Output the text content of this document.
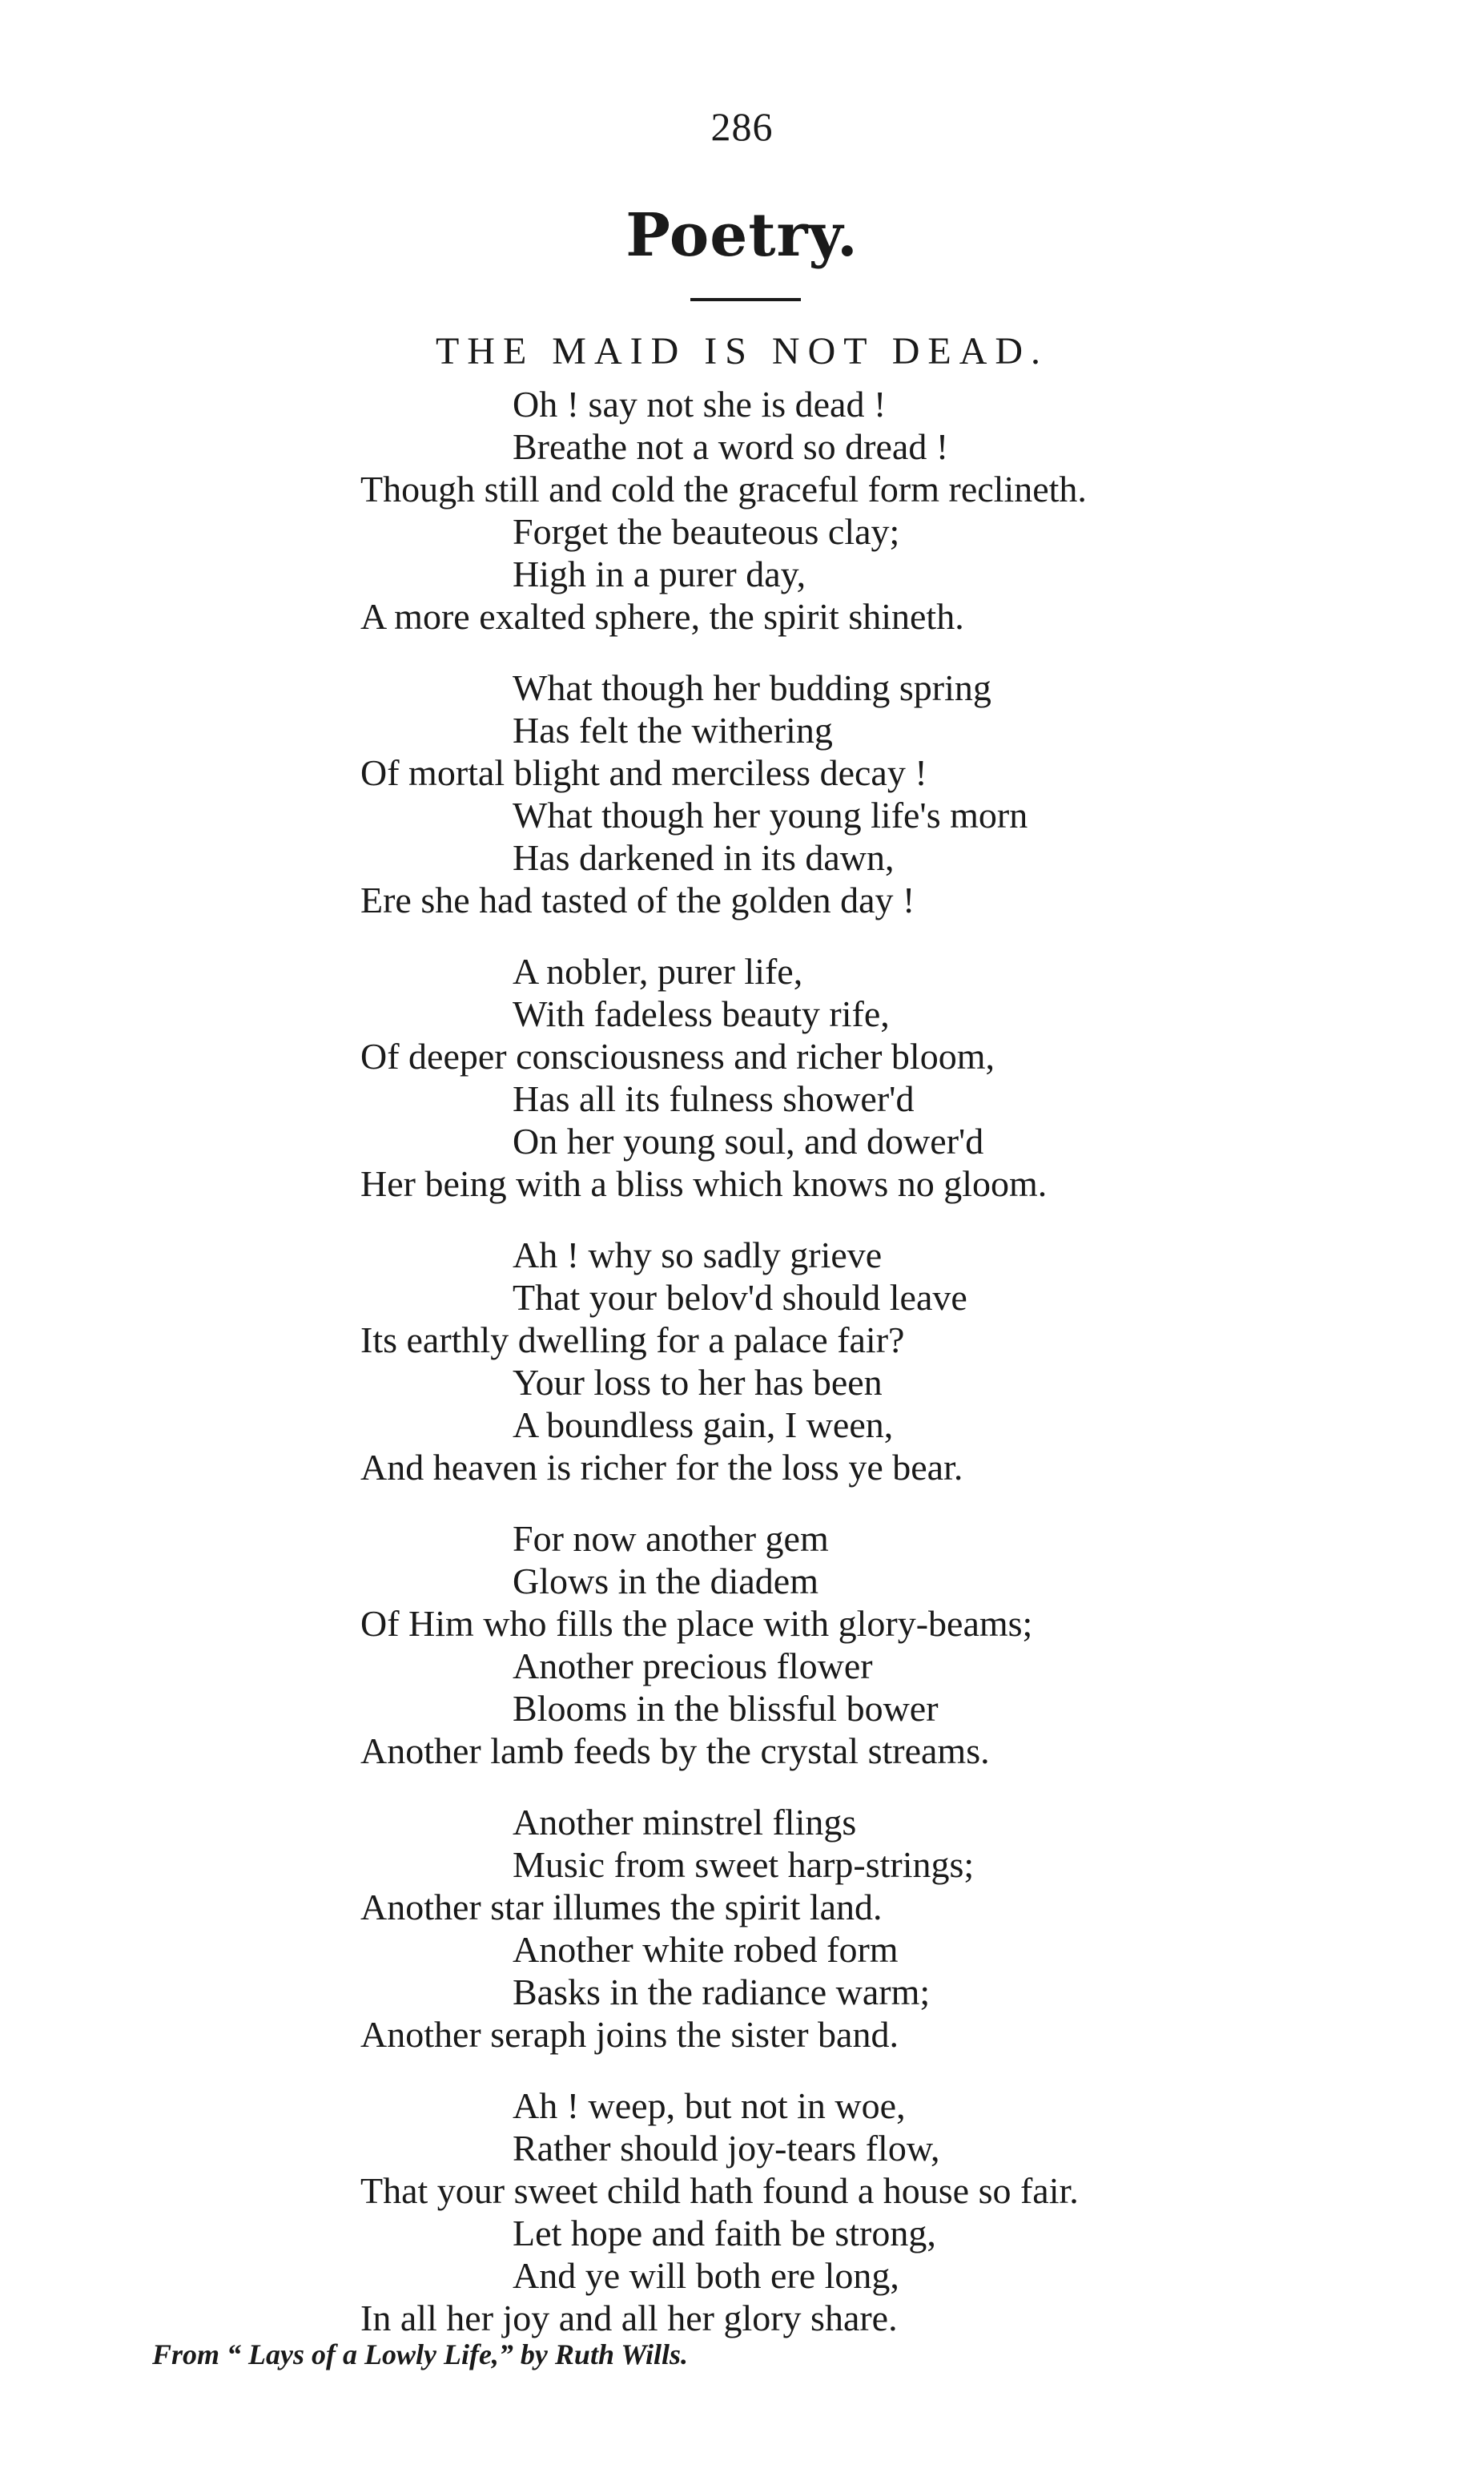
286
Poetry.
THE MAID IS NOT DEAD.
Oh ! say not she is dead !
Breathe not a word so dread !
Though still and cold the graceful form reclineth.
Forget the beauteous clay;
High in a purer day,
A more exalted sphere, the spirit shineth.
What though her budding spring
Has felt the withering
Of mortal blight and merciless decay !
What though her young life's morn
Has darkened in its dawn,
Ere she had tasted of the golden day !
A nobler, purer life,
With fadeless beauty rife,
Of deeper consciousness and richer bloom,
Has all its fulness shower'd
On her young soul, and dower'd
Her being with a bliss which knows no gloom.
Ah ! why so sadly grieve
That your belov'd should leave
Its earthly dwelling for a palace fair?
Your loss to her has been
A boundless gain, I ween,
And heaven is richer for the loss ye bear.
For now another gem
Glows in the diadem
Of Him who fills the place with glory-beams;
Another precious flower
Blooms in the blissful bower
Another lamb feeds by the crystal streams.
Another minstrel flings
Music from sweet harp-strings;
Another star illumes the spirit land.
Another white robed form
Basks in the radiance warm;
Another seraph joins the sister band.
Ah ! weep, but not in woe,
Rather should joy-tears flow,
That your sweet child hath found a house so fair.
Let hope and faith be strong,
And ye will both ere long,
In all her joy and all her glory share.
From “ Lays of a Lowly Life,” by Ruth Wills.
